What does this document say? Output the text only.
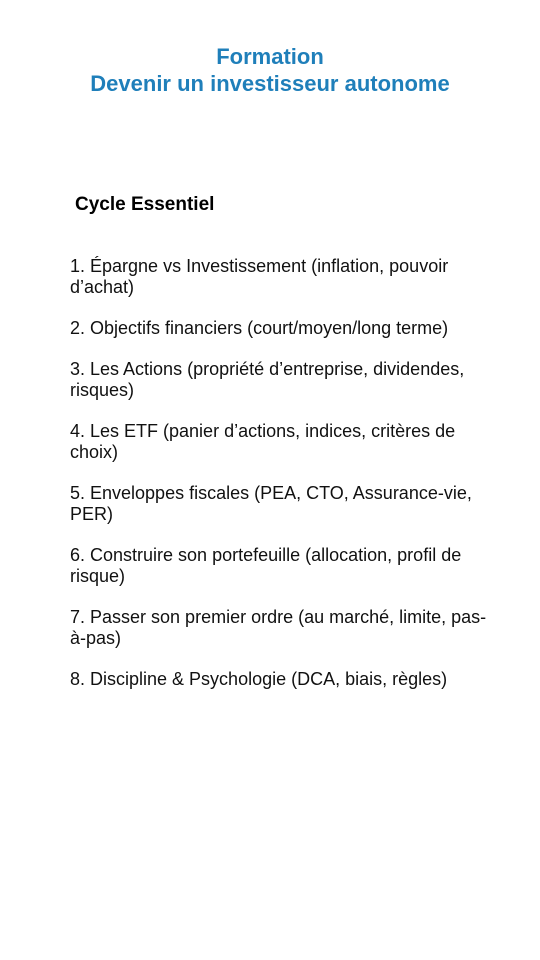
Formation
Devenir un investisseur autonome
Cycle Essentiel
1. Épargne vs Investissement (inflation, pouvoir d’achat)
2. Objectifs financiers (court/moyen/long terme)
3. Les Actions (propriété d’entreprise, dividendes, risques)
4. Les ETF (panier d’actions, indices, critères de choix)
5. Enveloppes fiscales (PEA, CTO, Assurance-vie, PER)
6. Construire son portefeuille (allocation, profil de risque)
7. Passer son premier ordre (au marché, limite, pas-à-pas)
8. Discipline & Psychologie (DCA, biais, règles)
